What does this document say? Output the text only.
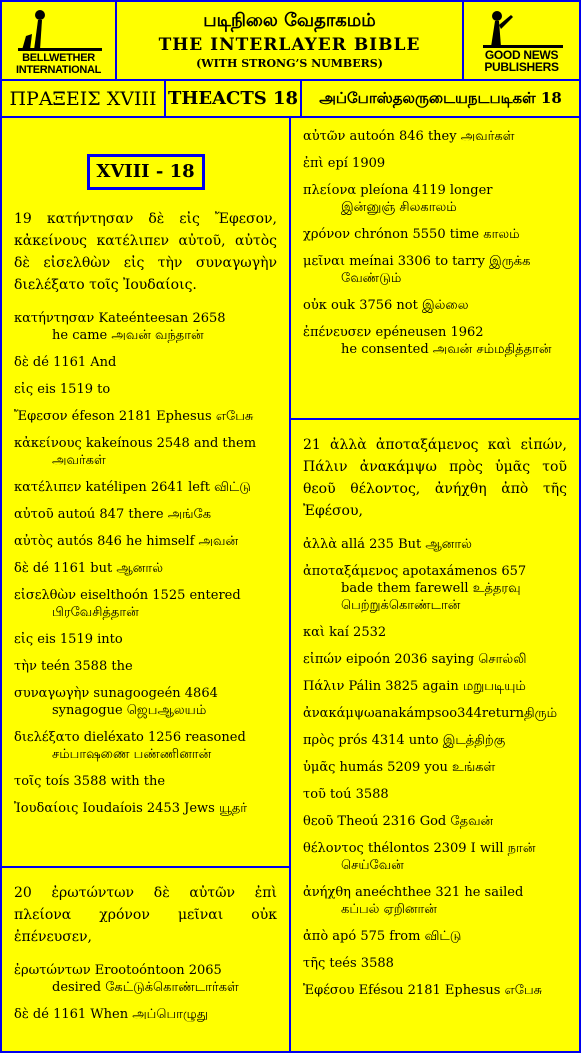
BELLWETHER
INTERNATIONAL
படிநிலை வேதாகமம்
THE INTERLAYER BIBLE
(WITH STRONG’S NUMBERS)
GOOD NEWS
PUBLISHERS
ΠΡΑΞΕΙΣ XVIII THEACTS 18	அப்போஸ்தலருடையநடபடிகள் 18
XVIII - 18
19 κατήντησαν δὲ εἰς Ἔφεσον, κἀκείνους κατέλιπεν αὐτοῦ, αὐτὸς δὲ εἰσελθὼν εἰς τὴν συναγωγὴν διελέξατο τοῖς Ἰουδαίοις.
κατήντησαν Kateénteesan 2658
he came அவன் வந்தான்
δὲ dé 1161 And
εἰς eis 1519 to
Ἔφεσον éfeson 2181 Ephesus எபேசு
κἀκείνους kakeínous 2548 and them
அவர்கள்
κατέλιπεν katélipen 2641 left விட்டு
αὐτοῦ autoú 847 there அங்கே
αὐτὸς autós 846 he himself அவன்
δὲ dé 1161 but ஆனால்
εἰσελθὼν eiselthoón 1525 entered
பிரவேசித்தான்
εἰς eis 1519 into
τὴν teén 3588 the
συναγωγὴν sunagoogeén 4864
synagogue ஜெபஆலயம்
διελέξατο dieléxato 1256 reasoned
சம்பாஷணை பண்ணினான்
τοῖς toís 3588 with the
Ἰουδαίοις Ioudaíois 2453 Jews யூதர்
20 ἐρωτώντων δὲ αὐτῶν ἐπὶ πλείονα χρόνον μεῖναι οὐκ ἐπένευσεν,
ἐρωτώντων Erootoóntoon 2065
desired கேட்டுக்கொண்டார்கள்
δὲ dé 1161 When அப்பொழுது
αὐτῶν autoón 846 they அவர்கள்
ἐπὶ epí 1909
πλείονα pleíona 4119 longer
இன்னுஞ் சிலகாலம்
χρόνον chrónon 5550 time காலம்
μεῖναι meínai 3306 to tarry இருக்க
வேண்டும்
οὐκ ouk 3756 not இல்லை
ἐπένευσεν epéneusen 1962
he consented அவன் சம்மதித்தான்
21 ἀλλὰ ἀποταξάμενος καὶ εἰπών, Πάλιν ἀνακάμψω πρὸς ὑμᾶς τοῦ θεοῦ θέλοντος, ἀνήχθη ἀπὸ τῆς Ἐφέσου,
ἀλλὰ allá 235 But ஆனால்
ἀποταξάμενος apotaxámenos 657
bade them farewell உத்தரவு பெற்றுக்கொண்டான்
καὶ kaí 2532
εἰπών eipoón 2036 saying சொல்லி
Πάλιν Pálin 3825 again மறுபடியும்
ἀνακάμψωanakámpsoo344returnதிரும்
πρὸς prós 4314 unto இடத்திற்கு
ὑμᾶς humás 5209 you உங்கள்
τοῦ toú 3588
θεοῦ Theoú 2316 God தேவன்
θέλοντος thélontos 2309 I will நான்
செய்வேன்
ἀνήχθη aneéchthee 321 he sailed
கப்பல் ஏறினான்
ἀπὸ apó 575 from விட்டு
τῆς teés 3588
Ἐφέσου Efésou 2181 Ephesus எபேசு
